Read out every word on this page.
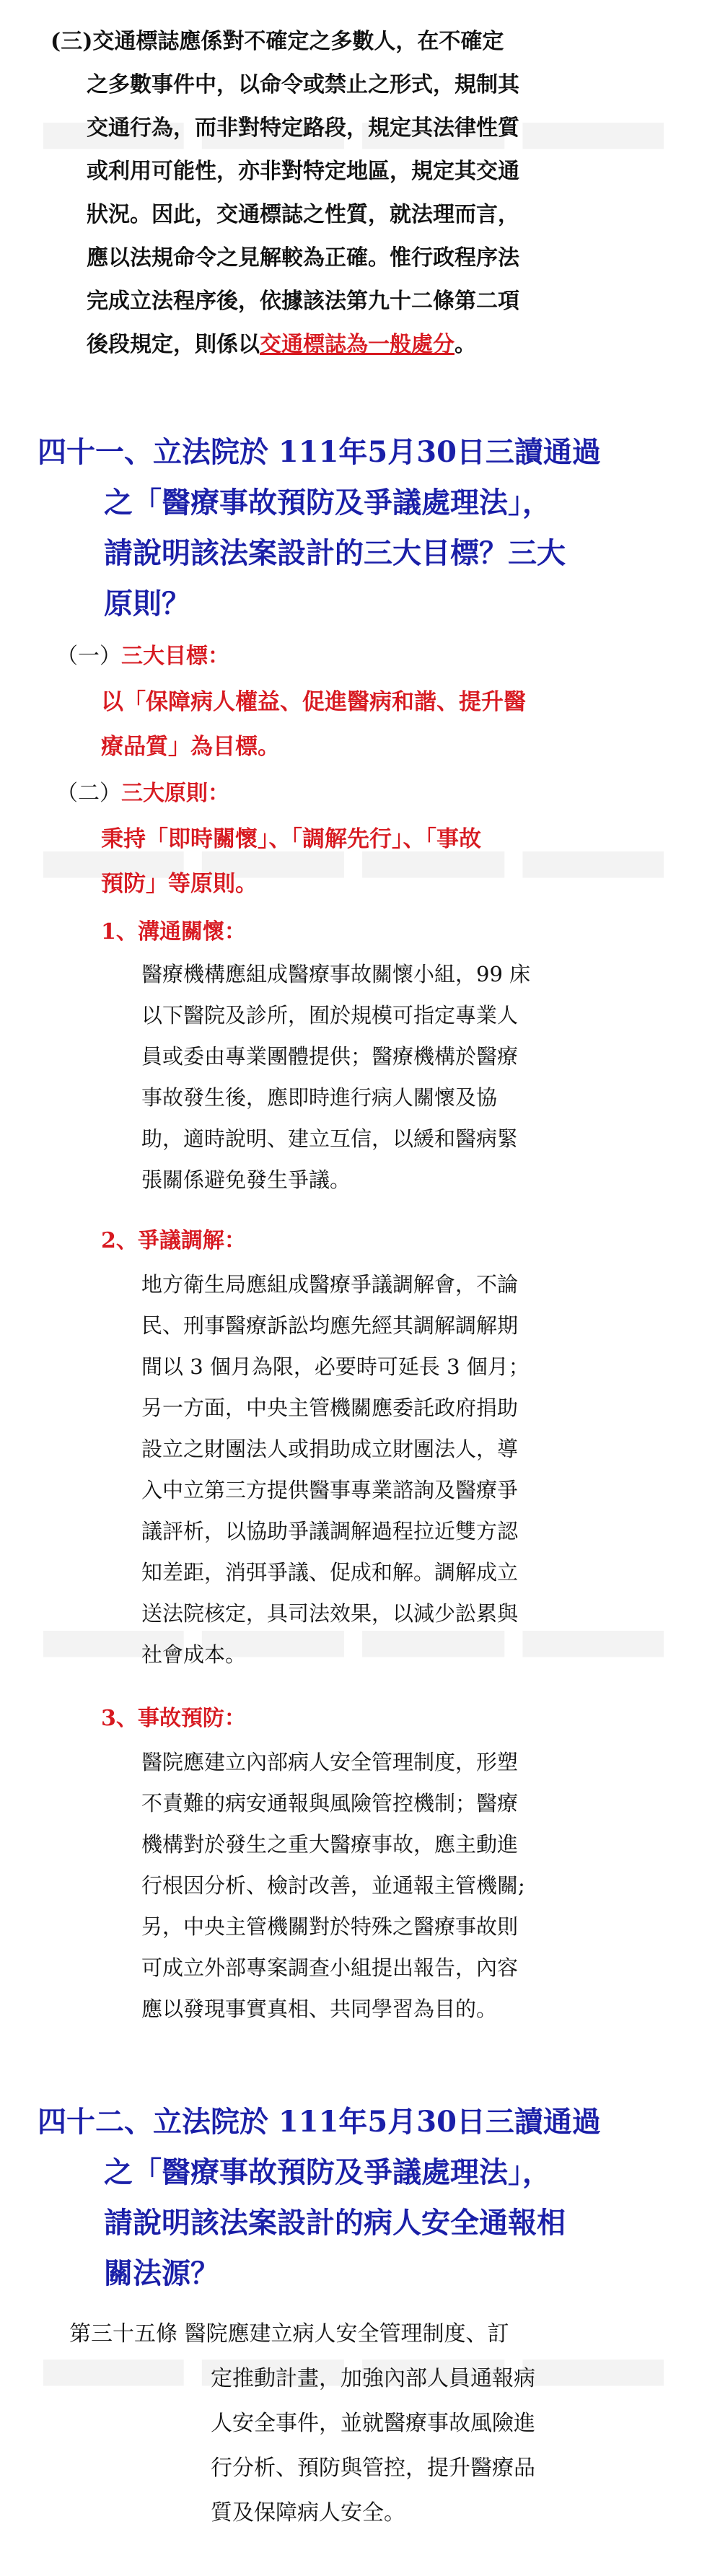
(三)交通標誌應係對不確定之多數人，在不確定
之多數事件中，以命令或禁止之形式，規制其
交通行為，而非對特定路段，規定其法律性質
或利用可能性，亦非對特定地區，規定其交通
狀況。因此，交通標誌之性質，就法理而言，
應以法規命令之見解較為正確。惟行政程序法
完成立法程序後，依據該法第九十二條第二項
後段規定，則係以交通標誌為一般處分。
四十一、立法院於 111年5月30日三讀通過
之「醫療事故預防及爭議處理法」，
請說明該法案設計的三大目標？三大
原則？
（一）三大目標：
以「保障病人權益、促進醫病和諧、提升醫
療品質」為目標。
（二）三大原則：
秉持「即時關懷」、「調解先行」、「事故
預防」等原則。
1、溝通關懷：
醫療機構應組成醫療事故關懷小組，99 床
以下醫院及診所，囿於規模可指定專業人
員或委由專業團體提供；醫療機構於醫療
事故發生後，應即時進行病人關懷及協
助，適時說明、建立互信，以緩和醫病緊
張關係避免發生爭議。
2、爭議調解：
地方衛生局應組成醫療爭議調解會，不論
民、刑事醫療訴訟均應先經其調解調解期
間以 3 個月為限，必要時可延長 3 個月；
另一方面，中央主管機關應委託政府捐助
設立之財團法人或捐助成立財團法人，導
入中立第三方提供醫事專業諮詢及醫療爭
議評析，以協助爭議調解過程拉近雙方認
知差距，消弭爭議、促成和解。調解成立
送法院核定，具司法效果，以減少訟累與
社會成本。
3、事故預防：
醫院應建立內部病人安全管理制度，形塑
不責難的病安通報與風險管控機制；醫療
機構對於發生之重大醫療事故，應主動進
行根因分析、檢討改善，並通報主管機關;
另，中央主管機關對於特殊之醫療事故則
可成立外部專案調查小組提出報告，內容
應以發現事實真相、共同學習為目的。
四十二、立法院於 111年5月30日三讀通過
之「醫療事故預防及爭議處理法」，
請說明該法案設計的病人安全通報相
關法源？
第三十五條 醫院應建立病人安全管理制度、訂
定推動計畫，加強內部人員通報病
人安全事件，並就醫療事故風險進
行分析、預防與管控，提升醫療品
質及保障病人安全。
